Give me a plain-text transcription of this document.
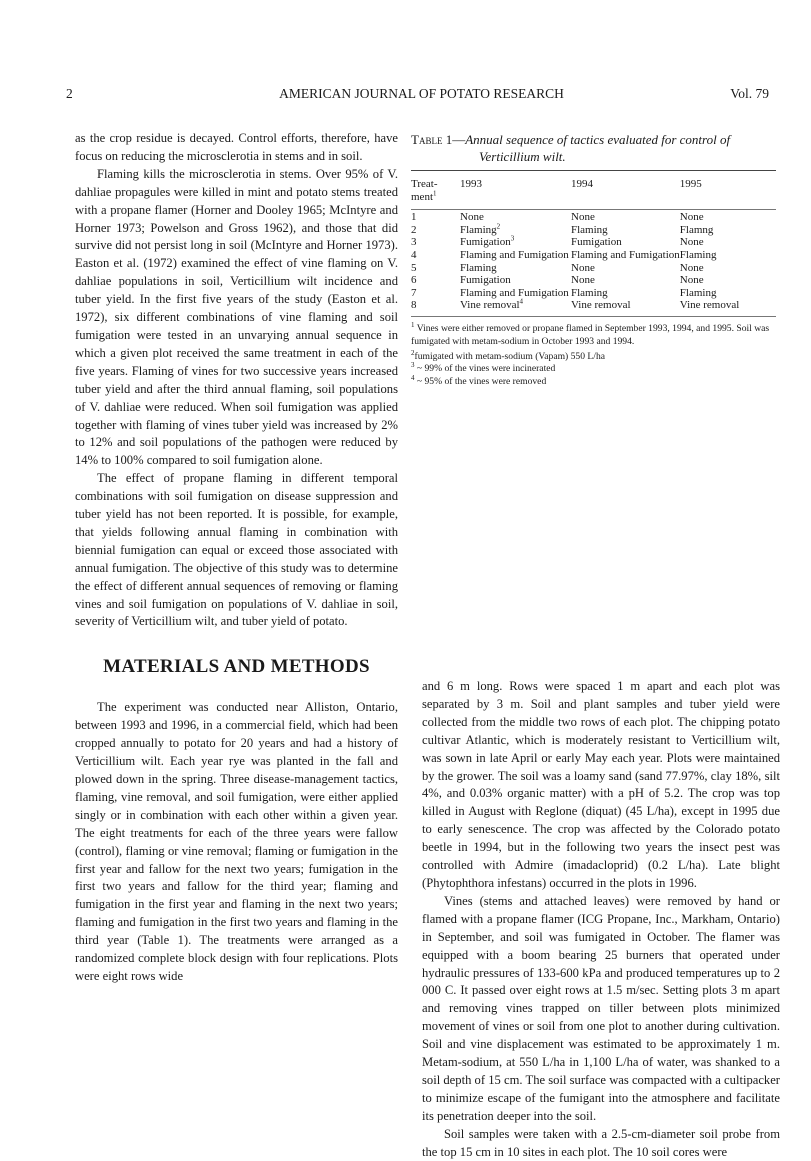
2	AMERICAN JOURNAL OF POTATO RESEARCH	Vol. 79

as the crop residue is decayed. Control efforts, therefore, have focus on reducing the microsclerotia in stems and in soil.

Flaming kills the microsclerotia in stems. Over 95% of V. dahliae propagules were killed in mint and potato stems treated with a propane flamer (Horner and Dooley 1965; McIntyre and Horner 1973; Powelson and Gross 1962), and those that did survive did not persist long in soil (McIntyre and Horner 1973). Easton et al. (1972) examined the effect of vine flaming on V. dahliae populations in soil, Verticillium wilt incidence and tuber yield. In the first five years of the study (Easton et al. 1972), six different combinations of vine flaming and soil fumigation were tested in an unvarying annual sequence in which a given plot received the same treatment in each of the five years. Flaming of vines for two successive years increased tuber yield and after the third annual flaming, soil populations of V. dahliae were reduced. When soil fumigation was applied together with flaming of vines tuber yield was increased by 2% to 12% and soil populations of the pathogen were reduced by 14% to 100% compared to soil fumigation alone.

The effect of propane flaming in different temporal combinations with soil fumigation on disease suppression and tuber yield has not been reported. It is possible, for example, that yields following annual flaming in combination with biennial fumigation can equal or exceed those associated with annual fumigation. The objective of this study was to determine the effect of different annual sequences of removing or flaming vines and soil fumigation on populations of V. dahliae in soil, severity of Verticillium wilt, and tuber yield of potato.

MATERIALS AND METHODS

The experiment was conducted near Alliston, Ontario, between 1993 and 1996, in a commercial field, which had been cropped annually to potato for 20 years and had a history of Verticillium wilt. Each year rye was planted in the fall and plowed down in the spring. Three disease-management tactics, flaming, vine removal, and soil fumigation, were either applied singly or in combination with each other within a given year. The eight treatments for each of the three years were fallow (control), flaming or vine removal; flaming or fumigation in the first year and fallow for the next two years; fumigation in the first two years and fallow for the third year; flaming and fumigation in the first year and flaming in the next two years; flaming and fumigation in the first two years and flaming in the third year (Table 1). The treatments were arranged as a randomized complete block design with four replications. Plots were eight rows wide

Table 1—Annual sequence of tactics evaluated for control of
Verticillium wilt.
Treat-
ment$^1$	1993	1994	1995

1	None	None	None
2	Flaming$^2$	Flaming	Flamng
3	Fumigation$^3$	Fumigation	None
4	Flaming and Fumigation	Flaming and Fumigation	Flaming
5	Flaming	None	None
6	Fumigation	None	None
7	Flaming and Fumigation	Flaming	Flaming
8	Vine removal$^4$	Vine removal	Vine removal

$^1$ Vines were either removed or propane flamed in September 1993, 1994, and 1995. Soil was fumigated with metam-sodium in October 1993 and 1994.

$^2$fumigated with metam-sodium (Vapam) 550 L/ha

$^3$ ~ 99% of the vines were incinerated

$^4$ ~ 95% of the vines were removed

and 6 m long. Rows were spaced 1 m apart and each plot was separated by 3 m. Soil and plant samples and tuber yield were collected from the middle two rows of each plot. The chipping potato cultivar Atlantic, which is moderately resistant to Verticillium wilt, was sown in late April or early May each year. Plots were maintained by the grower. The soil was a loamy sand (sand 77.97%, clay 18%, silt 4%, and 0.03% organic matter) with a pH of 5.2. The crop was top killed in August with Reglone (diquat) (45 L/ha), except in 1995 due to early senescence. The crop was affected by the Colorado potato beetle in 1994, but in the following two years the insect pest was controlled with Admire (imadacloprid) (0.2 L/ha). Late blight (Phytophthora infestans) occurred in the plots in 1996.

Vines (stems and attached leaves) were removed by hand or flamed with a propane flamer (ICG Propane, Inc., Markham, Ontario) in September, and soil was fumigated in October. The flamer was equipped with a boom bearing 25 burners that operated under hydraulic pressures of 133-600 kPa and produced temperatures up to 2 000 C. It passed over eight rows at 1.5 m/sec. Setting plots 3 m apart and removing vines trapped on tiller between plots minimized movement of vines or soil from one plot to another during cultivation. Soil and vine displacement was estimated to be approximately 1 m. Metam-sodium, at 550 L/ha in 1,100 L/ha of water, was shanked to a soil depth of 15 cm. The soil surface was compacted with a cultipacker to minimize escape of the fumigant into the atmosphere and facilitate its penetration deeper into the soil.

Soil samples were taken with a 2.5-cm-diameter soil probe from the top 15 cm in 10 sites in each plot. The 10 soil cores were
